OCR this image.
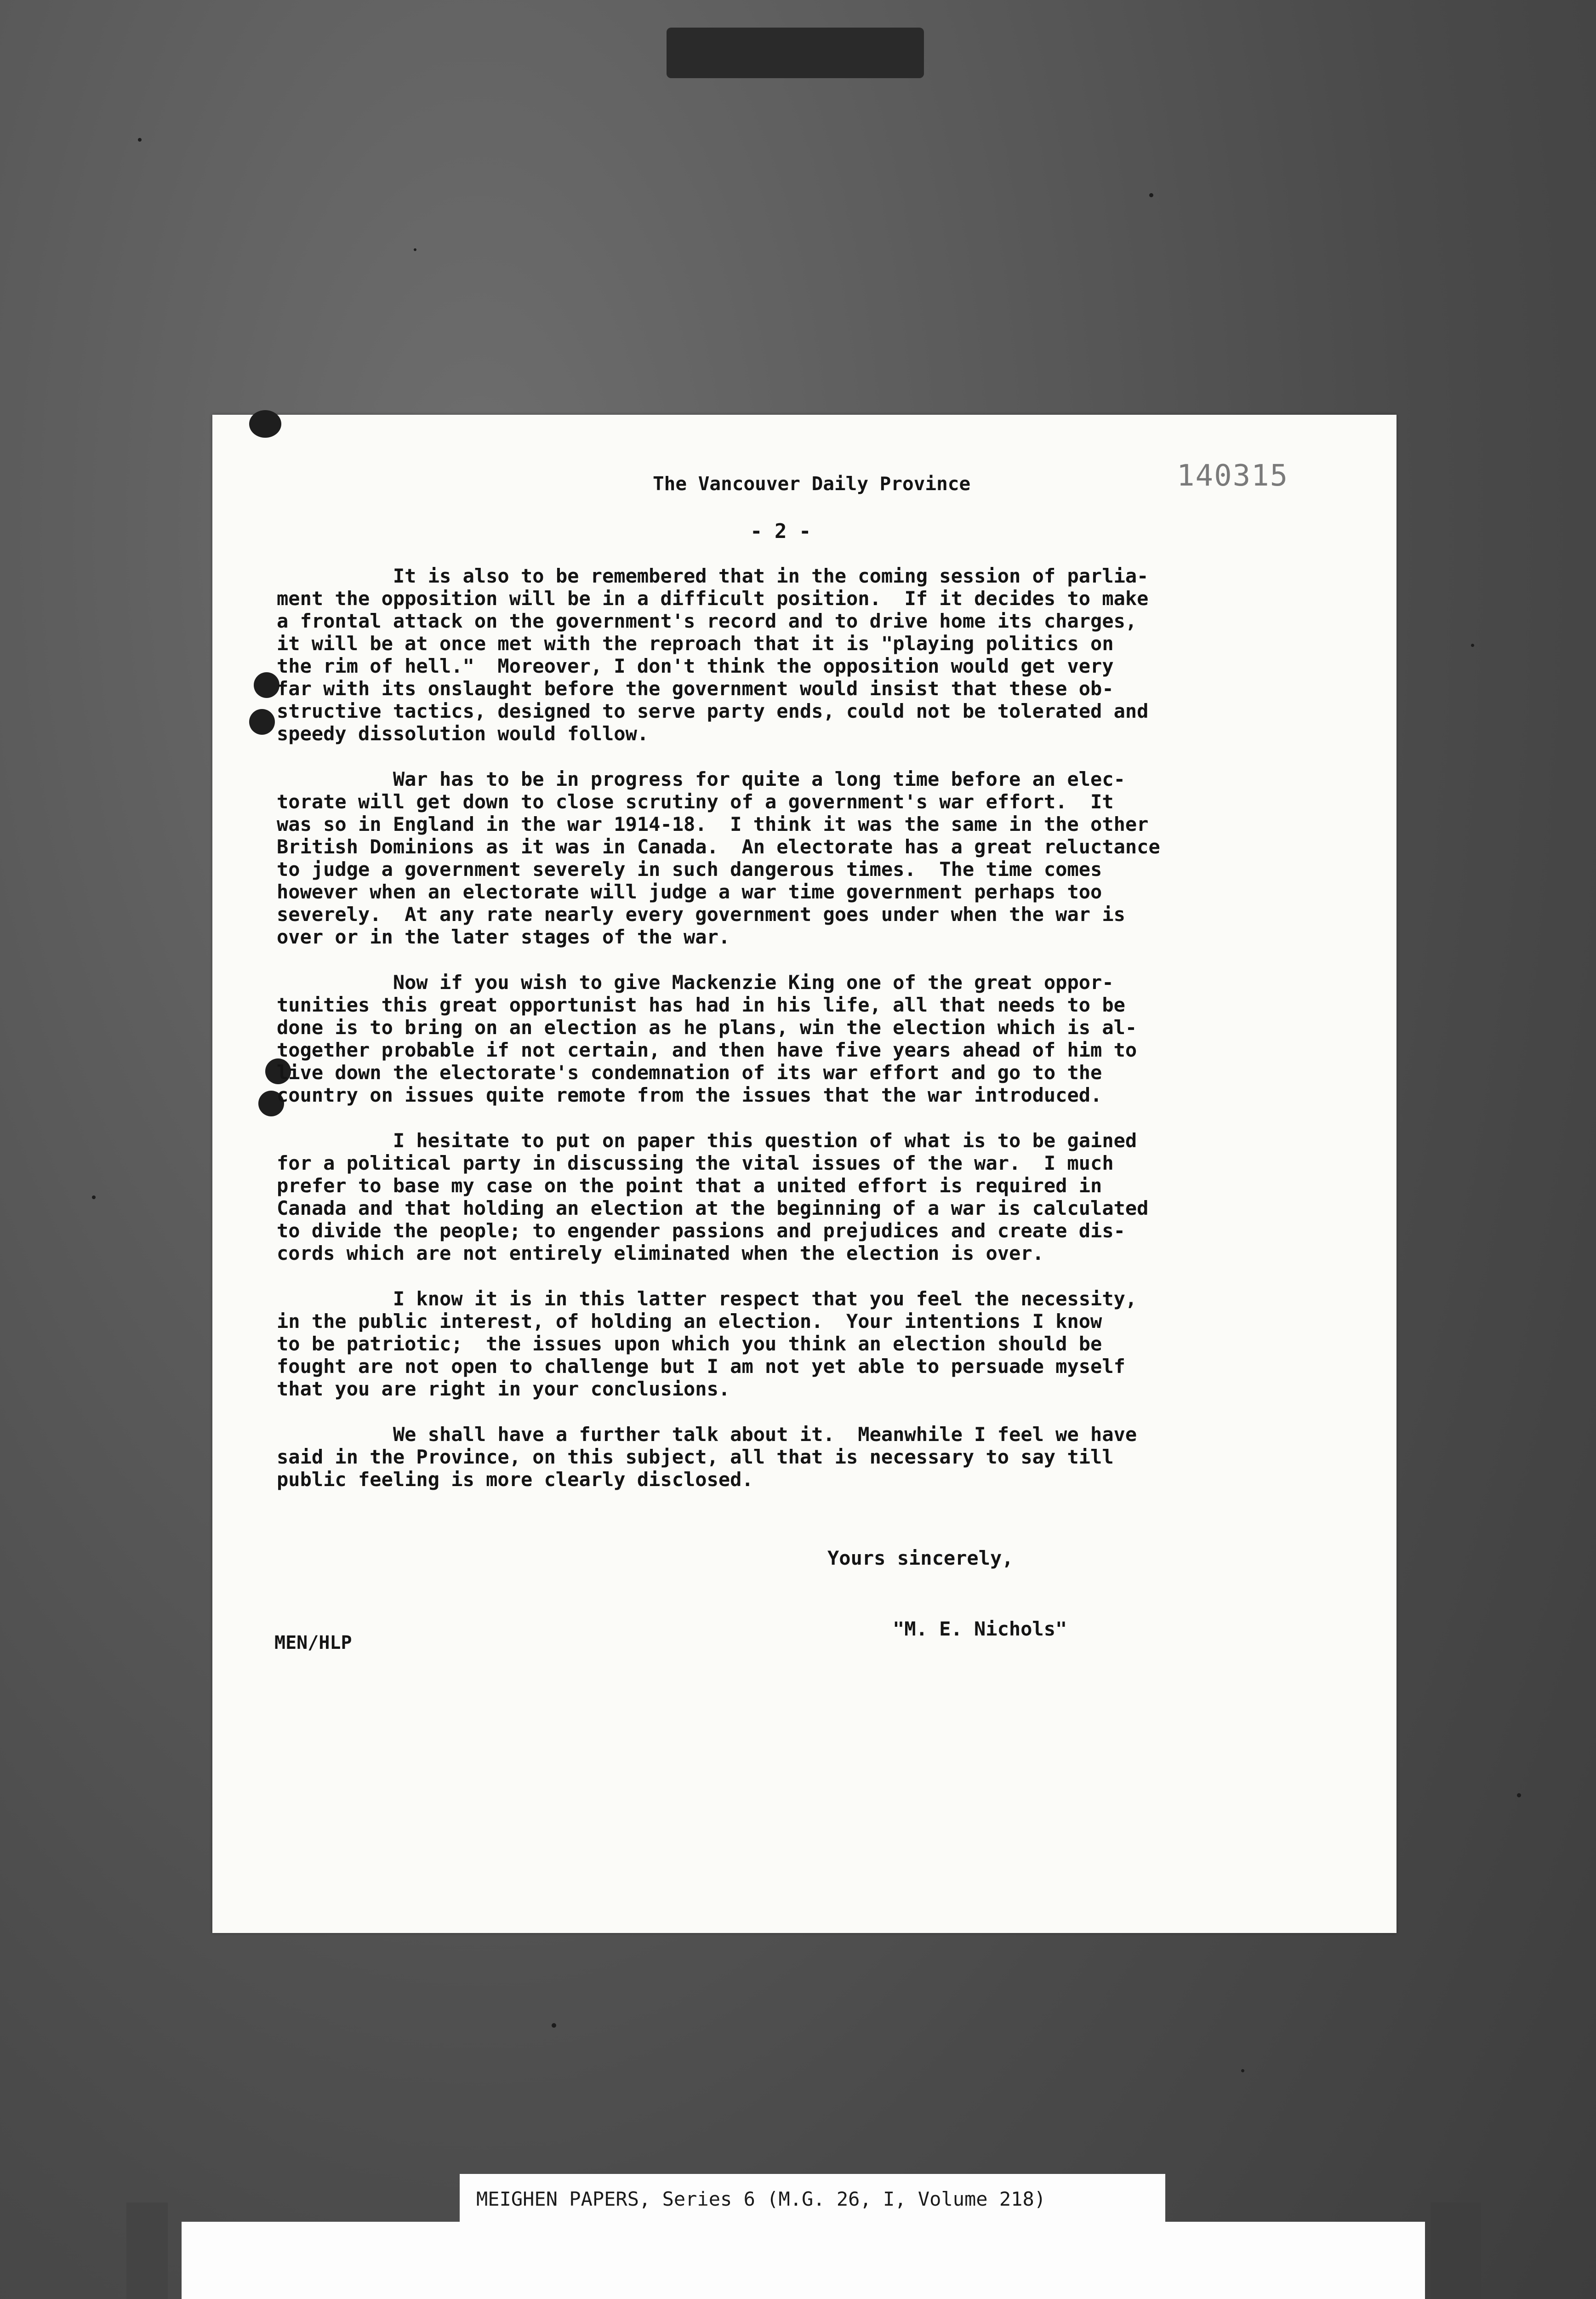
The Vancouver Daily Province	140315
- 2 -

It is also to be remembered that in the coming session of parlia-
ment the opposition will be in a difficult position.  If it decides to make
a frontal attack on the government's record and to drive home its charges,
it will be at once met with the reproach that it is "playing politics on
the rim of hell."  Moreover, I don't think the opposition would get very
far with its onslaught before the government would insist that these ob-
structive tactics, designed to serve party ends, could not be tolerated and
speedy dissolution would follow.

War has to be in progress for quite a long time before an elec-
torate will get down to close scrutiny of a government's war effort.  It
was so in England in the war 1914-18.  I think it was the same in the other
British Dominions as it was in Canada.  An electorate has a great reluctance
to judge a government severely in such dangerous times.  The time comes
however when an electorate will judge a war time government perhaps too
severely.  At any rate nearly every government goes under when the war is
over or in the later stages of the war.

Now if you wish to give Mackenzie King one of the great oppor-
tunities this great opportunist has had in his life, all that needs to be
done is to bring on an election as he plans, win the election which is al-
together probable if not certain, and then have five years ahead of him to
live down the electorate's condemnation of its war effort and go to the
country on issues quite remote from the issues that the war introduced.

I hesitate to put on paper this question of what is to be gained
for a political party in discussing the vital issues of the war.  I much
prefer to base my case on the point that a united effort is required in
Canada and that holding an election at the beginning of a war is calculated
to divide the people; to engender passions and prejudices and create dis-
cords which are not entirely eliminated when the election is over.

I know it is in this latter respect that you feel the necessity,
in the public interest, of holding an election.  Your intentions I know
to be patriotic;  the issues upon which you think an election should be
fought are not open to challenge but I am not yet able to persuade myself
that you are right in your conclusions.

We shall have a further talk about it.  Meanwhile I feel we have
said in the Province, on this subject, all that is necessary to say till
public feeling is more clearly disclosed.

Yours sincerely,
"M. E. Nichols"
MEN/HLP
MEIGHEN PAPERS, Series 6 (M.G. 26, I, Volume 218)
